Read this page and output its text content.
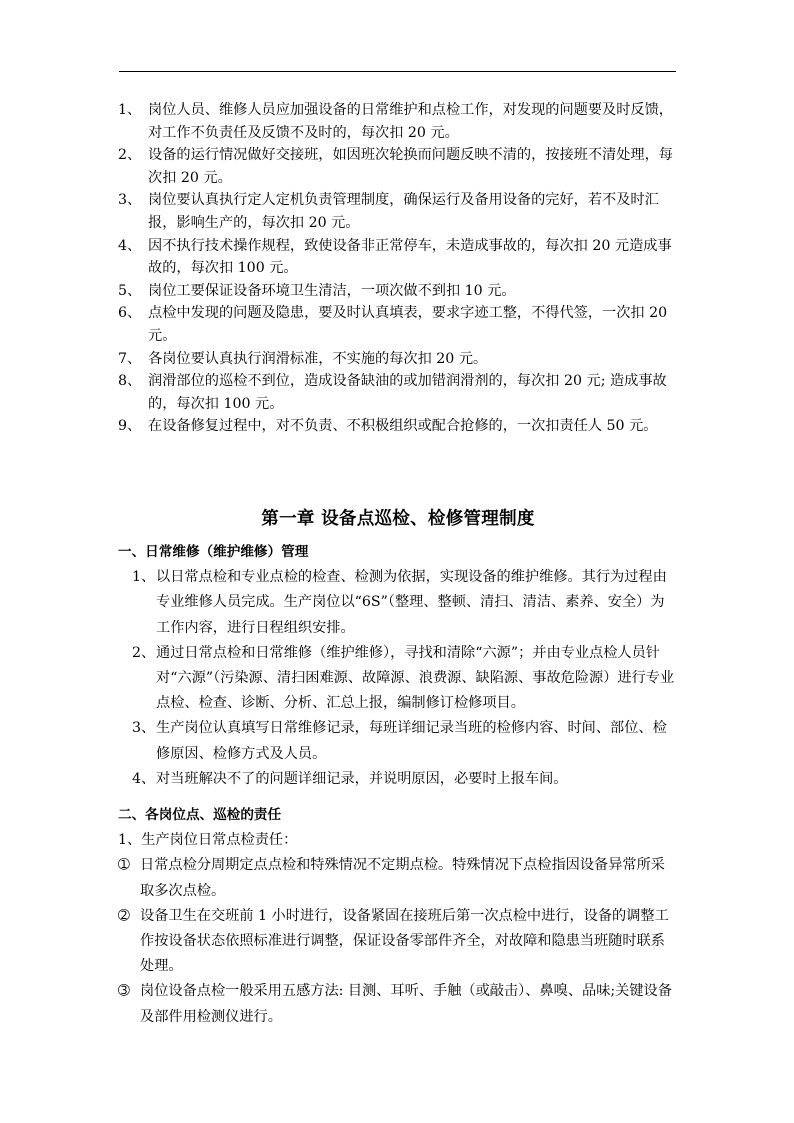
1、 岗位人员、维修人员应加强设备的日常维护和点检工作，对发现的问题要及时反馈，对工作不负责任及反馈不及时的，每次扣 20 元。

2、 设备的运行情况做好交接班，如因班次轮换而问题反映不清的，按接班不清处理，每次扣 20 元。

3、 岗位要认真执行定人定机负责管理制度，确保运行及备用设备的完好，若不及时汇报，影响生产的，每次扣 20 元。

4、 因不执行技术操作规程，致使设备非正常停车，未造成事故的，每次扣 20 元造成事故的，每次扣 100 元。

5、 岗位工要保证设备环境卫生清洁，一项次做不到扣 10 元。

6、 点检中发现的问题及隐患，要及时认真填表，要求字迹工整，不得代签，一次扣 20 元。

7、 各岗位要认真执行润滑标准，不实施的每次扣 20 元。

8、 润滑部位的巡检不到位，造成设备缺油的或加错润滑剂的，每次扣 20 元; 造成事故的，每次扣 100 元。

9、 在设备修复过程中，对不负责、不积极组织或配合抢修的，一次扣责任人 50 元。

第一章 设备点巡检、检修管理制度

一、日常维修（维护维修）管理

1、 以日常点检和专业点检的检查、检测为依据，实现设备的维护维修。其行为过程由专业维修人员完成。生产岗位以“6S”（整理、整顿、清扫、清洁、素养、安全）为工作内容，进行日程组织安排。

2、 通过日常点检和日常维修（维护维修），寻找和清除“六源”；并由专业点检人员针对“六源”（污染源、清扫困难源、故障源、浪费源、缺陷源、事故危险源）进行专业点检、检查、诊断、分析、汇总上报，编制修订检修项目。

3、 生产岗位认真填写日常维修记录，每班详细记录当班的检修内容、时间、部位、检修原因、检修方式及人员。

4、 对当班解决不了的问题详细记录，并说明原因，必要时上报车间。

二、各岗位点、巡检的责任

1、生产岗位日常点检责任：

➀ 日常点检分周期定点点检和特殊情况不定期点检。特殊情况下点检指因设备异常所采取多次点检。

➁ 设备卫生在交班前 1 小时进行，设备紧固在接班后第一次点检中进行，设备的调整工作按设备状态依照标准进行调整，保证设备零部件齐全，对故障和隐患当班随时联系处理。

➂ 岗位设备点检一般采用五感方法: 目测、耳听、手触（或敲击）、鼻嗅、品味;关键设备及部件用检测仪进行。
